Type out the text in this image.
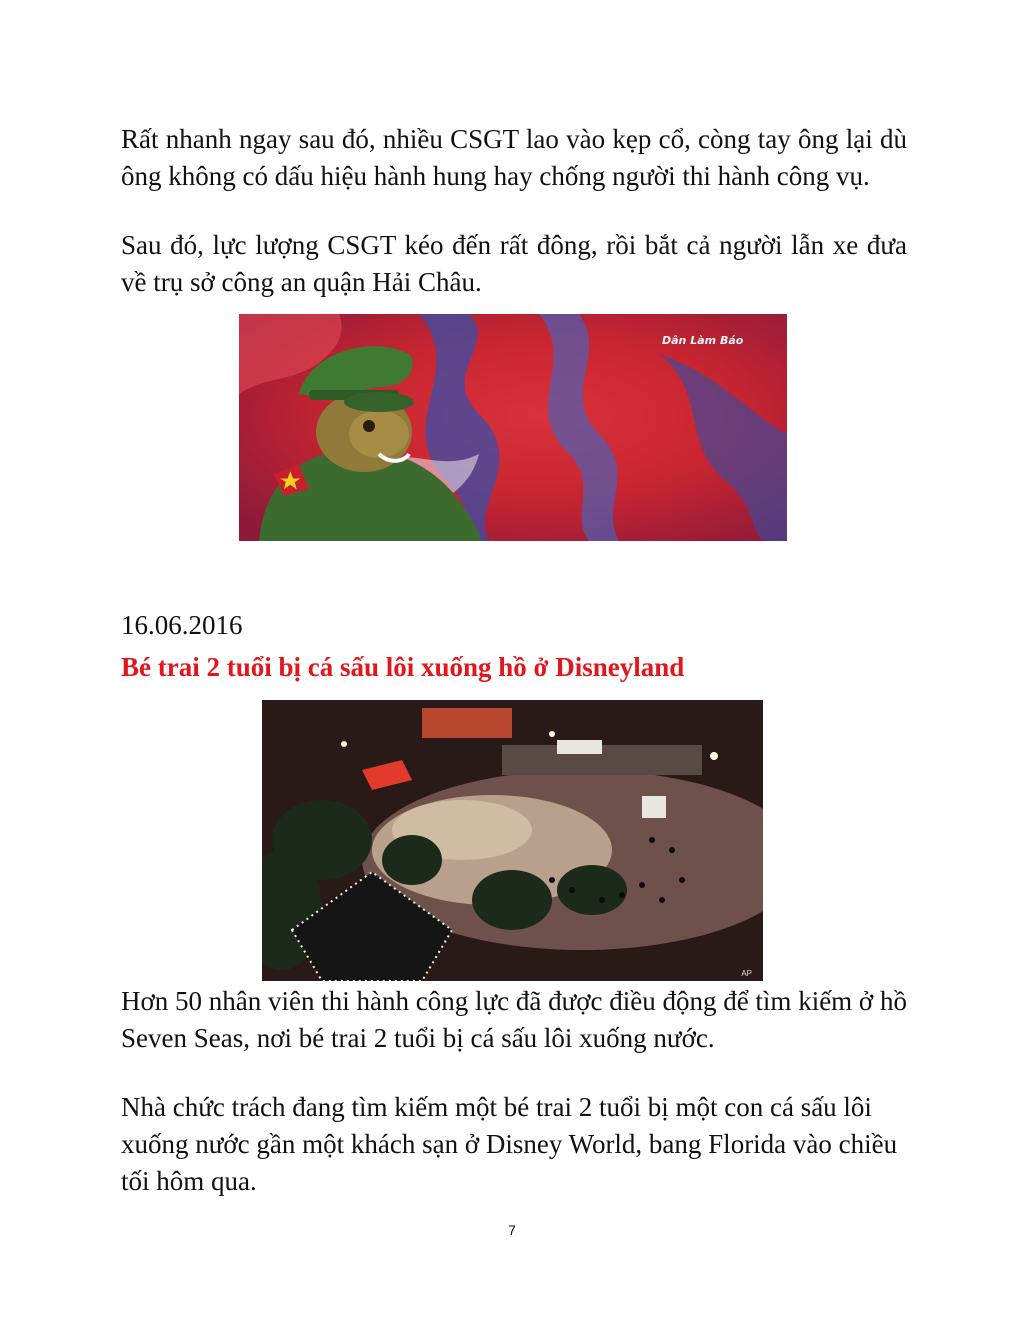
Rất nhanh ngay sau đó, nhiều CSGT lao vào kẹp cổ, còng tay ông lại dù ông không có dấu hiệu hành hung hay chống người thi hành công vụ.

Sau đó, lực lượng CSGT kéo đến rất đông, rồi bắt cả người lẫn xe đưa về trụ sở công an quận Hải Châu.

Dân Làm Báo

16.06.2016

Bé trai 2 tuổi bị cá sấu lôi xuống hồ ở Disneyland

AP

Hơn 50 nhân viên thi hành công lực đã được điều động để tìm kiếm ở hồ Seven Seas, nơi bé trai 2 tuổi bị cá sấu lôi xuống nước.

Nhà chức trách đang tìm kiếm một bé trai 2 tuổi bị một con cá sấu lôi xuống nước gần một khách sạn ở Disney World, bang Florida vào chiều tối hôm qua.

7
